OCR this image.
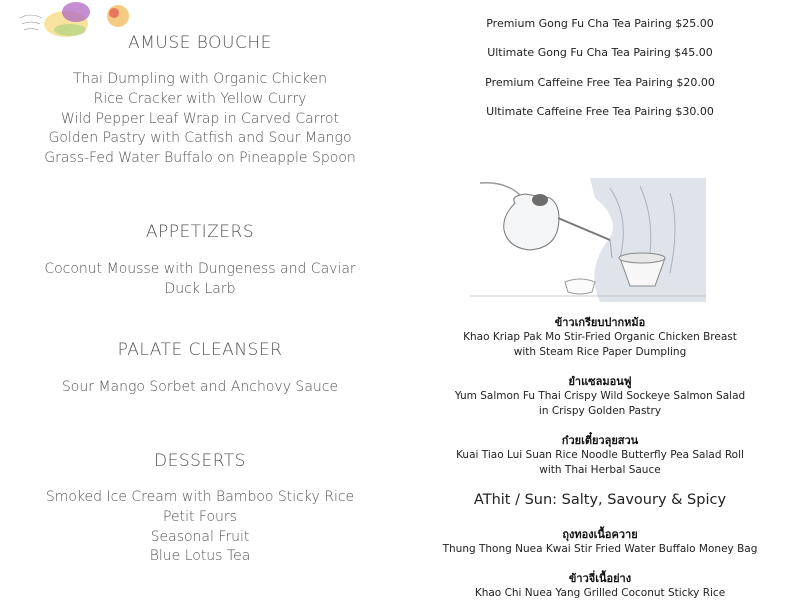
AMUSE BOUCHE
Thai Dumpling with Organic Chicken
Rice Cracker with Yellow Curry
Wild Pepper Leaf Wrap in Carved Carrot
Golden Pastry with Catfish and Sour Mango
Grass-Fed Water Buffalo on Pineapple Spoon
APPETIZERS
Coconut Mousse with Dungeness and Caviar
Duck Larb
PALATE CLEANSER
Sour Mango Sorbet and Anchovy Sauce
DESSERTS
Smoked Ice Cream with Bamboo Sticky Rice
Petit Fours
Seasonal Fruit
Blue Lotus Tea
Premium Gong Fu Cha Tea Pairing $25.00
Ultimate Gong Fu Cha Tea Pairing $45.00
Premium Caffeine Free Tea Pairing $20.00
Ultimate Caffeine Free Tea Pairing $30.00
ข้าวเกรียบปากหม้อ
Khao Kriap Pak Mo Stir-Fried Organic Chicken Breast
with Steam Rice Paper Dumpling
ยำแซลมอนฟู
Yum Salmon Fu Thai Crispy Wild Sockeye Salmon Salad
in Crispy Golden Pastry
ก๋วยเตี๋ยวลุยสวน
Kuai Tiao Lui Suan Rice Noodle Butterfly Pea Salad Roll
with Thai Herbal Sauce
AThit / Sun: Salty, Savoury & Spicy
ถุงทองเนื้อควาย
Thung Thong Nuea Kwai Stir Fried Water Buffalo Money Bag
ข้าวจี่เนื้อย่าง
Khao Chi Nuea Yang Grilled Coconut Sticky Rice
